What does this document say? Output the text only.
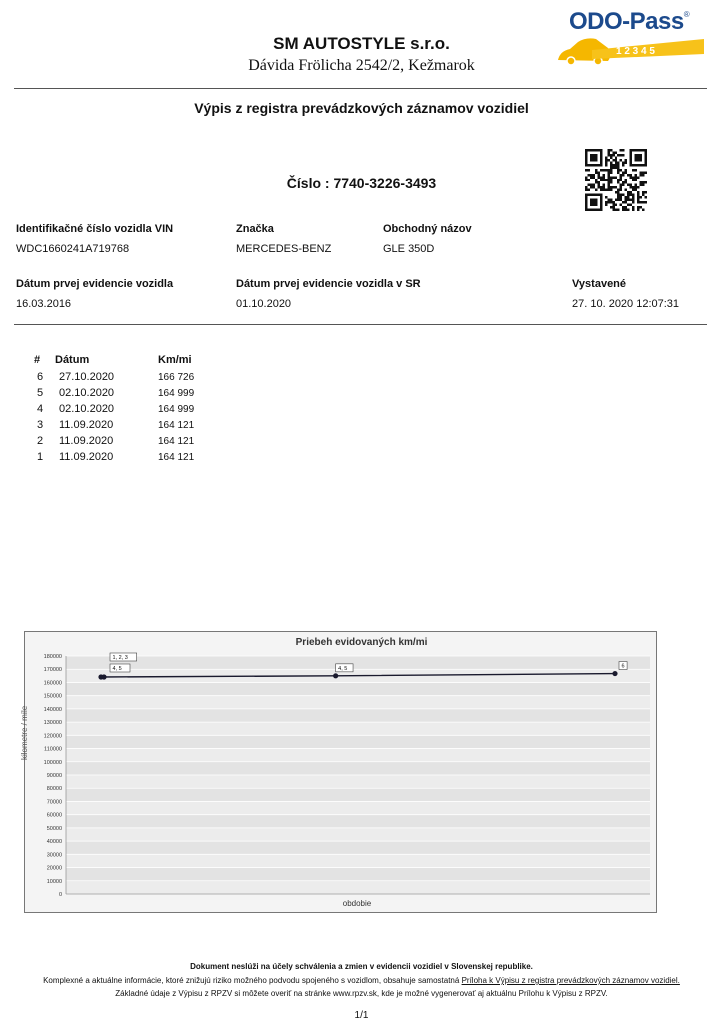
SM AUTOSTYLE s.r.o.
Dávida Frölicha 2542/2, Kežmarok
ODO-Pass®
1 2 3 4 5
Výpis z registra prevádzkových záznamov vozidiel
Číslo : 7740-3226-3493
Identifikačné číslo vozidla VIN
WDC1660241A719768
Značka
MERCEDES-BENZ
Obchodný názov
GLE 350D
Dátum prvej evidencie vozidla
16.03.2016
Dátum prvej evidencie vozidla v SR
01.10.2020
Vystavené
27. 10. 2020 12:07:31
# Dátum	Km/mi
6 27.10.2020	166 726
5 02.10.2020	164 999
4 02.10.2020	164 999
3 11.09.2020	164 121
2 11.09.2020	164 121
1 11.09.2020	164 121
Priebeh evidovaných km/mi
180000
170000
160000
150000
140000
130000
120000
110000
100000
90000
80000
70000
60000
50000
40000
30000
20000
10000
0
1, 2, 3
4, 5	6
4, 5
obdobie
kilometre / míle
Dokument neslúži na účely schválenia a zmien v evidencii vozidiel v Slovenskej republike.
Komplexné a aktuálne informácie, ktoré znižujú riziko možného podvodu spojeného s vozidlom, obsahuje samostatná Príloha k Výpisu z registra prevádzkových záznamov vozidiel.
Základné údaje z Výpisu z RPZV si môžete overiť na stránke www.rpzv.sk, kde je možné vygenerovať aj aktuálnu Prílohu k Výpisu z RPZV.
1/1
